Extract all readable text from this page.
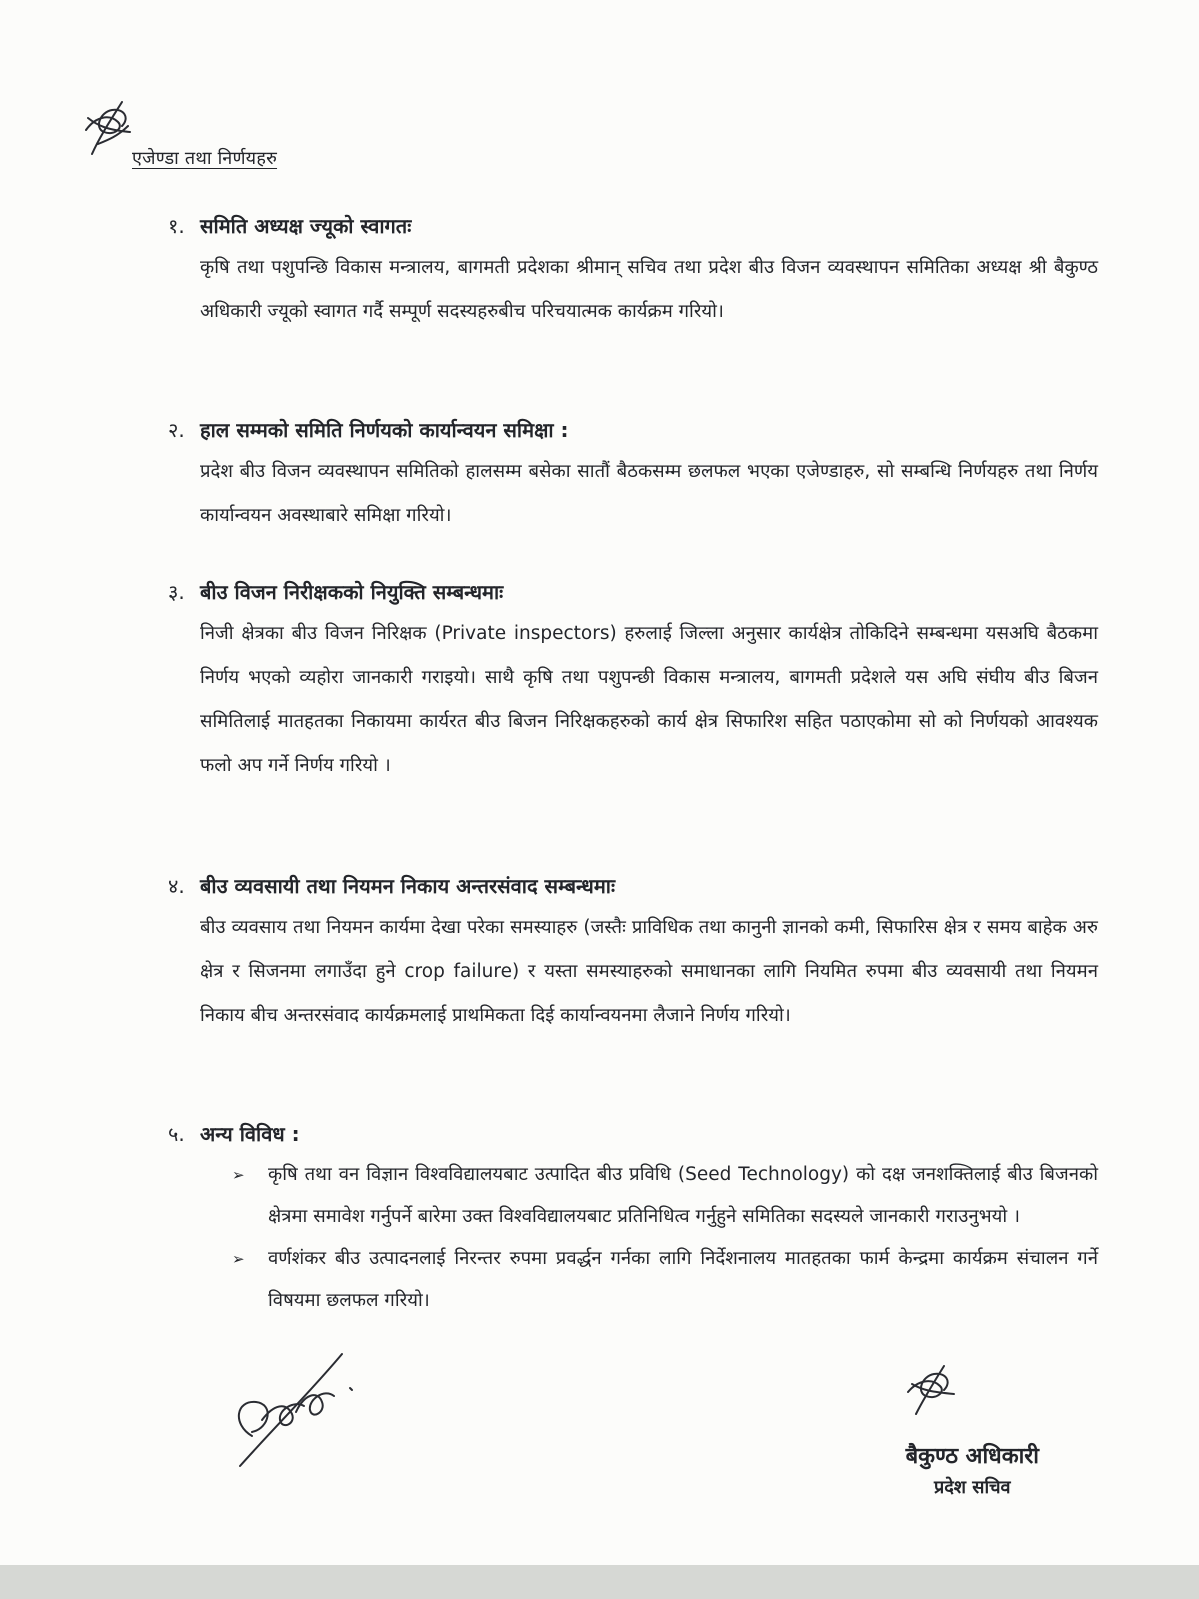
एजेण्डा तथा निर्णयहरु
१. समिति अध्यक्ष ज्यूको स्वागतः

कृषि तथा पशुपन्छि विकास मन्त्रालय, बागमती प्रदेशका श्रीमान् सचिव तथा प्रदेश बीउ विजन व्यवस्थापन समितिका अध्यक्ष श्री बैकुण्ठ अधिकारी ज्यूको स्वागत गर्दै सम्पूर्ण सदस्यहरुबीच परिचयात्मक कार्यक्रम गरियो।

२. हाल सम्मको समिति निर्णयको कार्यान्वयन समिक्षा :

प्रदेश बीउ विजन व्यवस्थापन समितिको हालसम्म बसेका सातौं बैठकसम्म छलफल भएका एजेण्डाहरु, सो सम्बन्धि निर्णयहरु तथा निर्णय कार्यान्वयन अवस्थाबारे समिक्षा गरियो।

३. बीउ विजन निरीक्षकको नियुक्ति सम्बन्धमाः

निजी क्षेत्रका बीउ विजन निरिक्षक (Private inspectors) हरुलाई जिल्ला अनुसार कार्यक्षेत्र तोकिदिने सम्बन्धमा यसअघि बैठकमा निर्णय भएको व्यहोरा जानकारी गराइयो। साथै कृषि तथा पशुपन्छी विकास मन्त्रालय, बागमती प्रदेशले यस अघि संघीय बीउ बिजन समितिलाई मातहतका निकायमा कार्यरत बीउ बिजन निरिक्षकहरुको कार्य क्षेत्र सिफारिश सहित पठाएकोमा सो को निर्णयको आवश्यक फलो अप गर्ने निर्णय गरियो ।

४. बीउ व्यवसायी तथा नियमन निकाय अन्तरसंवाद सम्बन्धमाः

बीउ व्यवसाय तथा नियमन कार्यमा देखा परेका समस्याहरु (जस्तैः प्राविधिक तथा कानुनी ज्ञानको कमी, सिफारिस क्षेत्र र समय बाहेक अरु क्षेत्र र सिजनमा लगाउँदा हुने crop failure) र यस्ता समस्याहरुको समाधानका लागि नियमित रुपमा बीउ व्यवसायी तथा नियमन निकाय बीच अन्तरसंवाद कार्यक्रमलाई प्राथमिकता दिई कार्यान्वयनमा लैजाने निर्णय गरियो।

५. अन्य विविध :
➢ कृषि तथा वन विज्ञान विश्वविद्यालयबाट उत्पादित बीउ प्रविधि (Seed Technology) को दक्ष जनशक्तिलाई बीउ बिजनको क्षेत्रमा समावेश गर्नुपर्ने बारेमा उक्त विश्वविद्यालयबाट प्रतिनिधित्व गर्नुहुने समितिका सदस्यले जानकारी गराउनुभयो ।
➢ वर्णशंकर बीउ उत्पादनलाई निरन्तर रुपमा प्रवर्द्धन गर्नका लागि निर्देशनालय मातहतका फार्म केन्द्रमा कार्यक्रम संचालन गर्ने विषयमा छलफल गरियो।
बैकुण्ठ अधिकारी
प्रदेश सचिव
